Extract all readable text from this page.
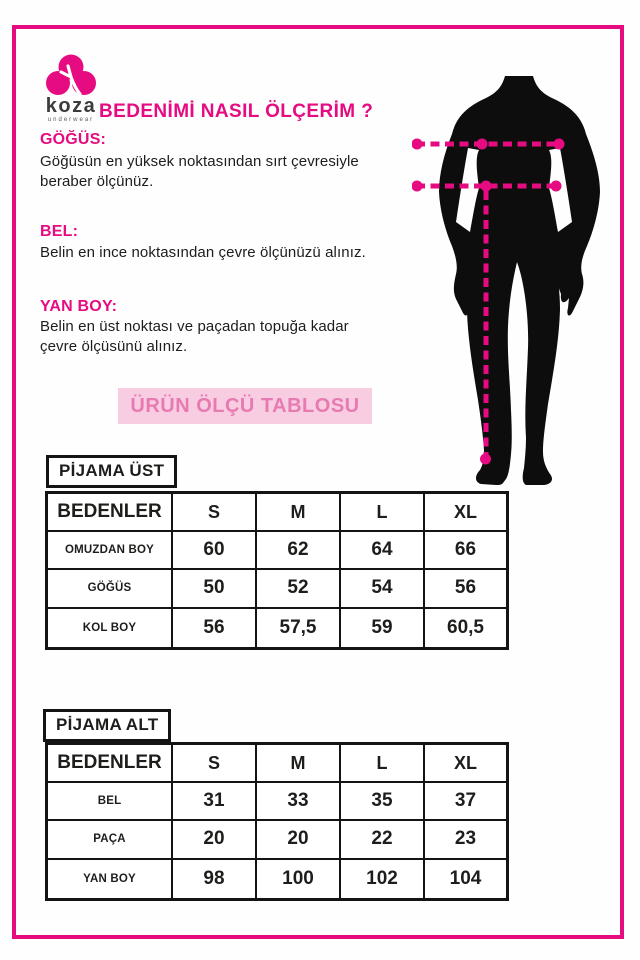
koza
underwear BEDENİMİ NASIL ÖLÇERİM ?
GÖĞÜS:
Göğüsün en yüksek noktasından sırt çevresiyle
beraber ölçünüz.
BEL:
Belin en ince noktasından çevre ölçünüzü alınız.
YAN BOY:
Belin en üst noktası ve paçadan topuğa kadar
çevre ölçüsünü alınız.
ÜRÜN ÖLÇÜ TABLOSU
PİJAMA ÜST
BEDENLER	S	M	L	XL
OMUZDAN BOY	60	62	64	66
GÖĞÜS	50	52	54	56
KOL BOY	56	57,5	59	60,5
PİJAMA ALT
BEDENLER	S	M	L	XL
BEL	31	33	35	37
PAÇA	20	20	22	23
YAN BOY	98	100	102	104
